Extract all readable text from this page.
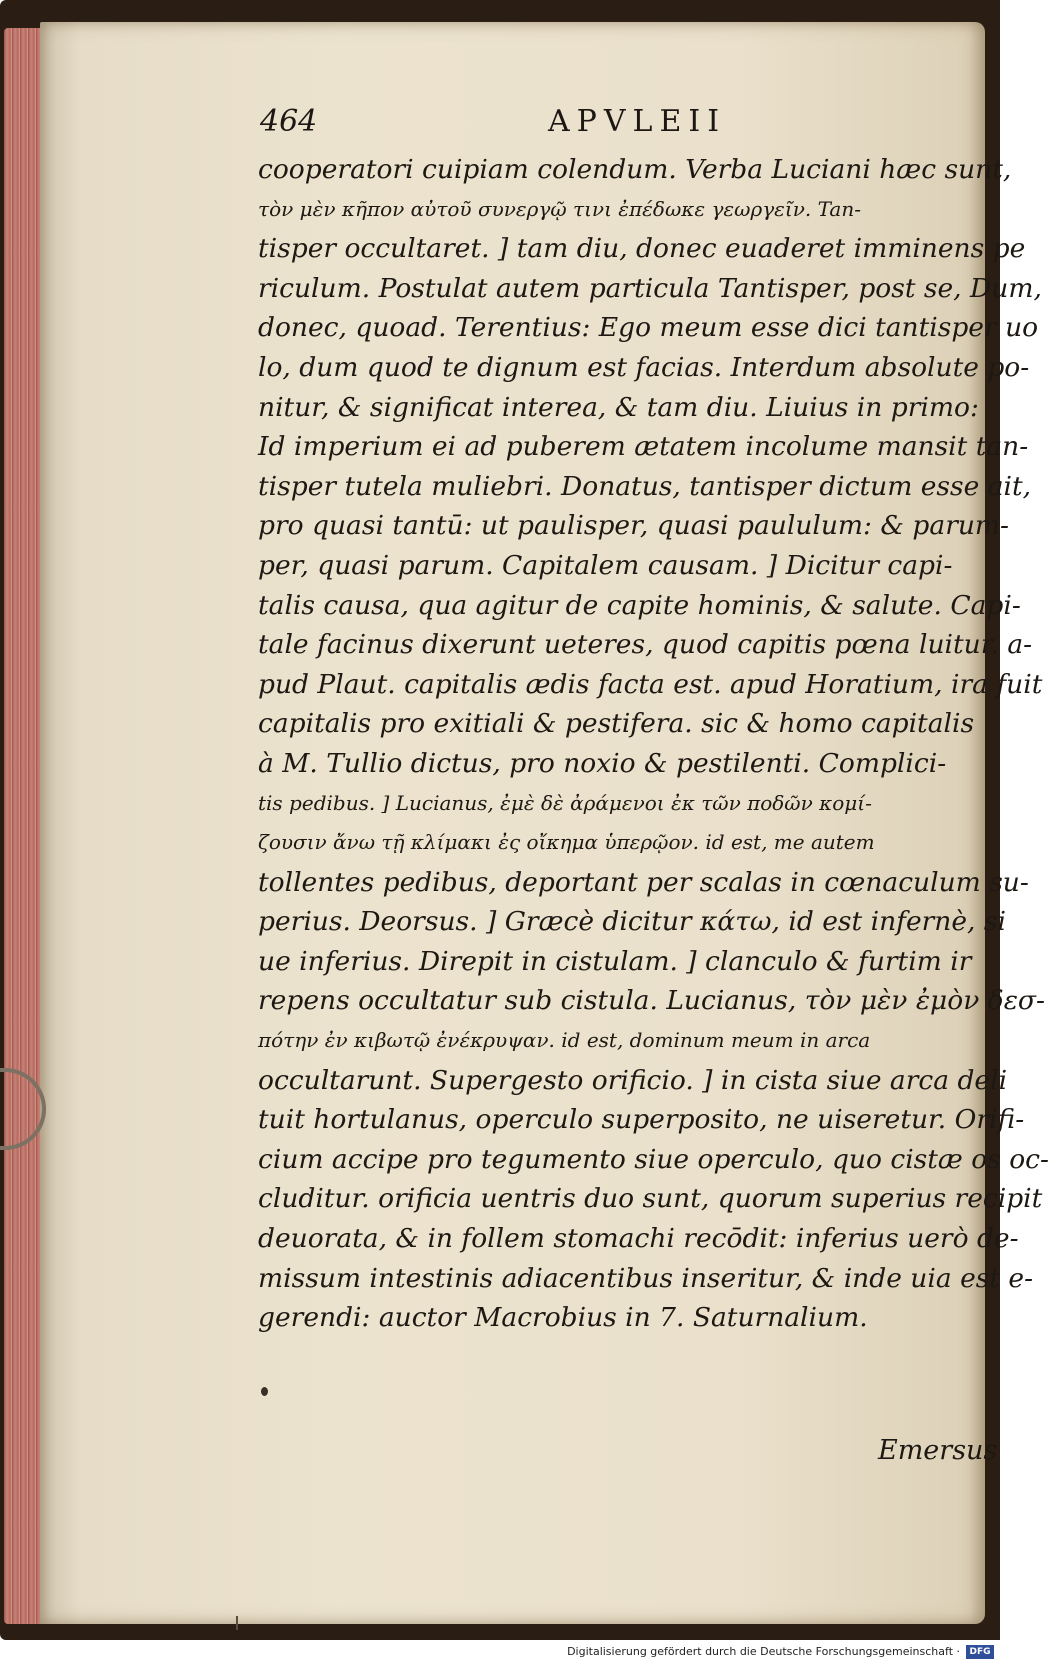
464	APVLEII
cooperatori cuipiam colendum. Verba Luciani hæc sunt,
τὸν μὲν κῆπον αὐτοῦ συνεργῷ τινι ἐπέδωκε γεωργεῖν. Tan-
tisper occultaret. ] tam diu, donec euaderet imminens pe
riculum. Postulat autem particula Tantisper, post se, Dum,
donec, quoad. Terentius: Ego meum esse dici tantisper uo
lo, dum quod te dignum est facias. Interdum absolute po-
nitur, & significat interea, & tam diu. Liuius in primo:
Id imperium ei ad puberem ætatem incolume mansit tan-
tisper tutela muliebri. Donatus, tantisper dictum esse ait,
pro quasi tantū: ut paulisper, quasi paululum: & parum-
per, quasi parum. Capitalem causam. ] Dicitur capi-
talis causa, qua agitur de capite hominis, & salute. Capi-
tale facinus dixerunt ueteres, quod capitis pœna luitur. a-
pud Plaut. capitalis ædis facta est. apud Horatium, ira fuit
capitalis pro exitiali & pestifera. sic & homo capitalis
à M. Tullio dictus, pro noxio & pestilenti. Complici-
tis pedibus. ] Lucianus, ἐμὲ δὲ ἀράμενοι ἐκ τῶν ποδῶν κομί-
ζουσιν ἄνω τῇ κλίμακι ἐς οἴκημα ὑπερῷον. id est, me autem
tollentes pedibus, deportant per scalas in cœnaculum su-
perius. Deorsus. ] Græcè dicitur κάτω, id est infernè, si
ue inferius. Direpit in cistulam. ] clanculo & furtim ir
repens occultatur sub cistula. Lucianus, τὸν μὲν ἐμὸν δεσ-
πότην ἐν κιβωτῷ ἐνέκρυψαν. id est, dominum meum in arca
occultarunt. Supergesto orificio. ] in cista siue arca deli
tuit hortulanus, operculo superposito, ne uiseretur. Orifi-
cium accipe pro tegumento siue operculo, quo cistæ os oc-
cluditur. orificia uentris duo sunt, quorum superius recipit
deuorata, & in follem stomachi recōdit: inferius uerò de-
missum intestinis adiacentibus inseritur, & inde uia est e-
gerendi: auctor Macrobius in 7. Saturnalium.
Emersus
Digitalisierung gefördert durch die Deutsche Forschungsgemeinschaft ·	DFG
